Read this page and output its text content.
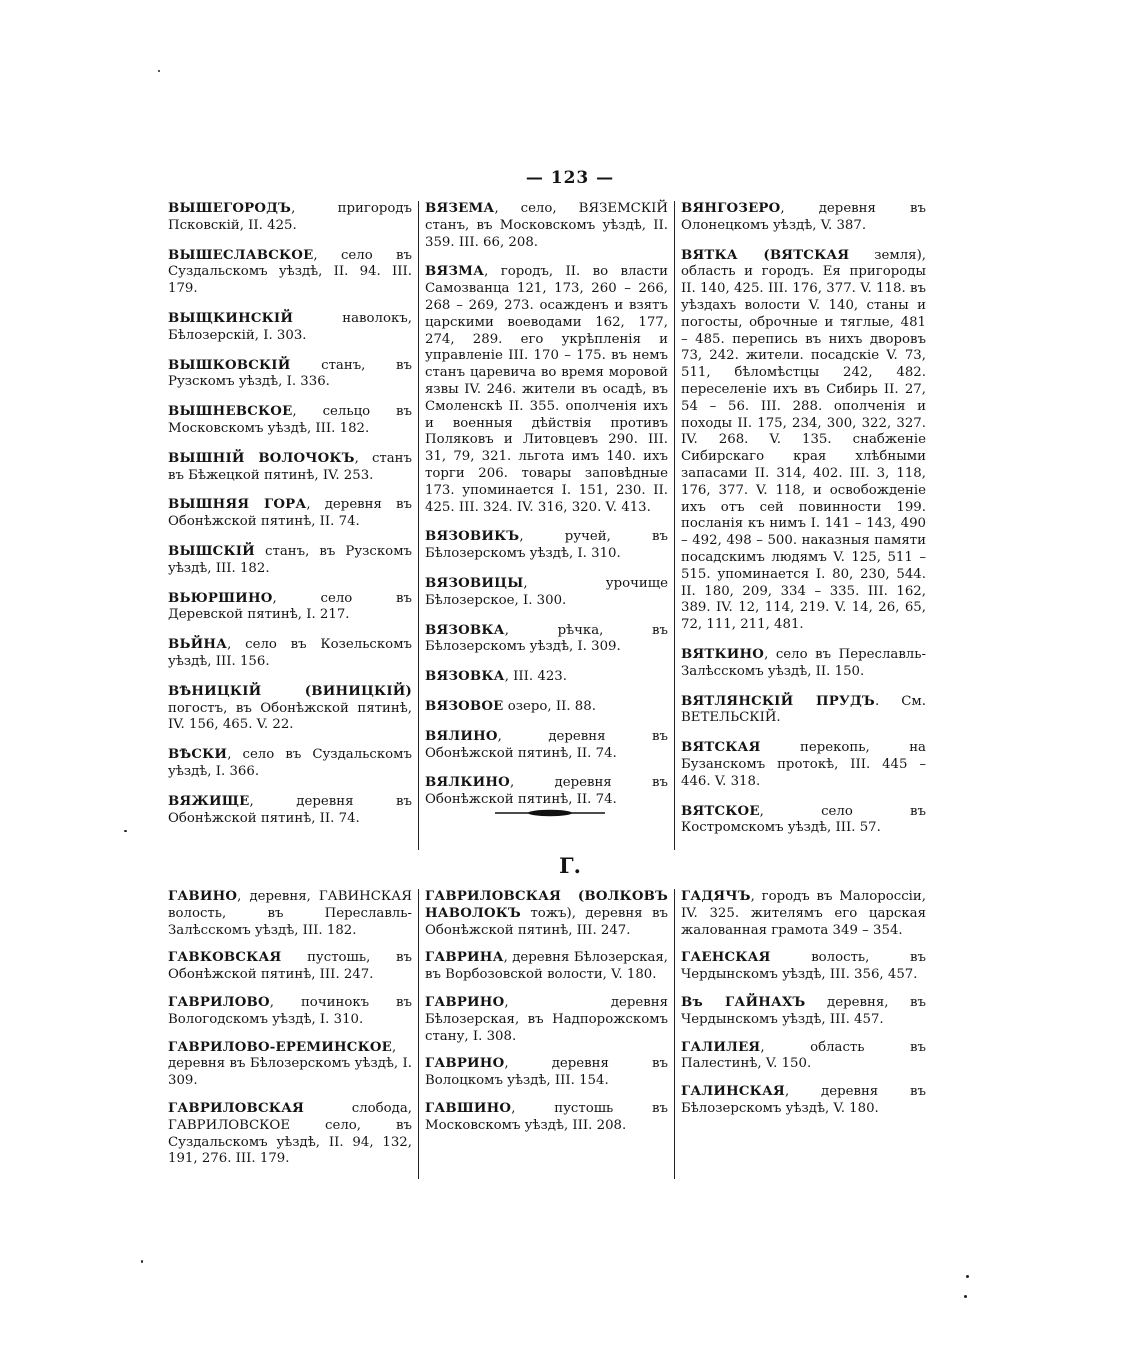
— 123 —
ВЫШЕГОРОДЪ, пригородъ Псковскій, II. 425.
ВЫШЕСЛАВСКОЕ, село въ Суздальскомъ уѣздѣ, II. 94. III. 179.
ВЫЩКИНСКІЙ наволокъ, Бѣлозерскій, I. 303.
ВЫШКОВСКІЙ станъ, въ Рузскомъ уѣздѣ, I. 336.
ВЫШНЕВСКОЕ, сельцо въ Московскомъ уѣздѣ, III. 182.
ВЫШНІЙ ВОЛОЧОКЪ, станъ въ Бѣжецкой пятинѣ, IV. 253.
ВЫШНЯЯ ГОРА, деревня въ Обонѣжской пятинѣ, II. 74.
ВЫШСКІЙ станъ, въ Рузскомъ уѣздѣ, III. 182.
ВЬЮРШИНО, село въ Деревской пятинѣ, I. 217.
ВЬЙНА, село въ Козельскомъ уѣздѣ, III. 156.
ВѢНИЦКІЙ (ВИНИЦКІЙ) погостъ, въ Обонѣжской пятинѣ, IV. 156, 465. V. 22.
ВѢСКИ, село въ Суздальскомъ уѣздѣ, I. 366.
ВЯЖИЩЕ, деревня въ Обонѣжской пятинѣ, II. 74.
ВЯЗЕМА, село, ВЯЗЕМСКІЙ станъ, въ Московскомъ уѣздѣ, II. 359. III. 66, 208.
ВЯЗМА, городъ, II. во власти Самозванца 121, 173, 260 – 266, 268 – 269, 273. осажденъ и взятъ царскими воеводами 162, 177, 274, 289. его укрѣпленія и управленіе III. 170 – 175. въ немъ станъ царевича во время моровой язвы IV. 246. жители въ осадѣ, въ Смоленскѣ II. 355. ополченія ихъ и военныя дѣйствія противъ Поляковъ и Литовцевъ 290. III. 31, 79, 321. льгота имъ 140. ихъ торги 206. товары заповѣдные 173. упоминается I. 151, 230. II. 425. III. 324. IV. 316, 320. V. 413.
ВЯЗОВИКЪ, ручей, въ Бѣлозерскомъ уѣздѣ, I. 310.
ВЯЗОВИЦЫ, урочище Бѣлозерское, I. 300.
ВЯЗОВКА, рѣчка, въ Бѣлозерскомъ уѣздѣ, I. 309.
ВЯЗОВКА, III. 423.
ВЯЗОВОЕ озеро, II. 88.
ВЯЛИНО, деревня въ Обонѣжской пятинѣ, II. 74.
ВЯЛКИНО, деревня въ Обонѣжской пятинѣ, II. 74.
ВЯНГОЗЕРО, деревня въ Олонецкомъ уѣздѣ, V. 387.
ВЯТКА (ВЯТСКАЯ земля), область и городъ. Ея пригороды II. 140, 425. III. 176, 377. V. 118. въ уѣздахъ волости V. 140, станы и погосты, оброчные и тяглые, 481 – 485. перепись въ нихъ дворовъ 73, 242. жители. посадскіе V. 73, 511, бѣломѣстцы 242, 482. переселеніе ихъ въ Сибирь II. 27, 54 – 56. III. 288. ополченія и походы II. 175, 234, 300, 322, 327. IV. 268. V. 135. снабженіе Сибирскаго края хлѣбными запасами II. 314, 402. III. 3, 118, 176, 377. V. 118, и освобожденіе ихъ отъ сей повинности 199. посланія къ нимъ I. 141 – 143, 490 – 492, 498 – 500. наказныя памяти посадскимъ людямъ V. 125, 511 – 515. упоминается I. 80, 230, 544. II. 180, 209, 334 – 335. III. 162, 389. IV. 12, 114, 219. V. 14, 26, 65, 72, 111, 211, 481.
ВЯТКИНО, село въ Переславль-Залѣсскомъ уѣздѣ, II. 150.
ВЯТЛЯНСКІЙ ПРУДЪ. См. ВЕТЕЛЬСКІЙ.
ВЯТСКАЯ перекопь, на Бузанскомъ протокѣ, III. 445 – 446. V. 318.
ВЯТСКОЕ, село въ Костромскомъ уѣздѣ, III. 57.
Г.
ГАВИНО, деревня, ГАВИНСКАЯ волость, въ Переславль-Залѣсскомъ уѣздѣ, III. 182.
ГАВКОВСКАЯ пустошь, въ Обонѣжской пятинѣ, III. 247.
ГАВРИЛОВО, починокъ въ Вологодскомъ уѣздѣ, I. 310.
ГАВРИЛОВО-ЕРЕМИНСКОЕ, деревня въ Бѣлозерскомъ уѣздѣ, I. 309.
ГАВРИЛОВСКАЯ слобода, ГАВРИЛОВСКОЕ село, въ Суздальскомъ уѣздѣ, II. 94, 132, 191, 276. III. 179.
ГАВРИЛОВСКАЯ (ВОЛКОВЪ НАВОЛОКЪ тожъ), деревня въ Обонѣжской пятинѣ, III. 247.
ГАВРИНА, деревня Бѣлозерская, въ Ворбозовской волости, V. 180.
ГАВРИНО, деревня Бѣлозерская, въ Надпорожскомъ стану, I. 308.
ГАВРИНО, деревня въ Волоцкомъ уѣздѣ, III. 154.
ГАВШИНО, пустошь въ Московскомъ уѣздѣ, III. 208.
ГАДЯЧЪ, городъ въ Малороссіи, IV. 325. жителямъ его царская жалованная грамота 349 – 354.
ГАЕНСКАЯ волость, въ Чердынскомъ уѣздѣ, III. 356, 457.
Въ ГАЙНАХЪ деревня, въ Чердынскомъ уѣздѣ, III. 457.
ГАЛИЛЕЯ, область въ Палестинѣ, V. 150.
ГАЛИНСКАЯ, деревня въ Бѣлозерскомъ уѣздѣ, V. 180.
